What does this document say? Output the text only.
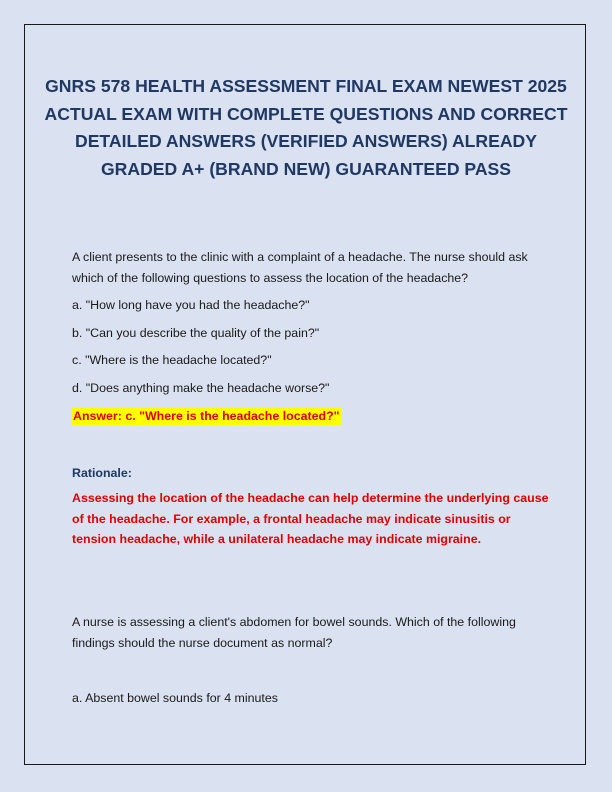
GNRS 578 HEALTH ASSESSMENT FINAL EXAM NEWEST 2025 ACTUAL EXAM WITH COMPLETE QUESTIONS AND CORRECT DETAILED ANSWERS (VERIFIED ANSWERS) ALREADY GRADED A+ (BRAND NEW) GUARANTEED PASS

A client presents to the clinic with a complaint of a headache. The nurse should ask which of the following questions to assess the location of the headache?

a. "How long have you had the headache?"

b. "Can you describe the quality of the pain?"

c. "Where is the headache located?"

d. "Does anything make the headache worse?"

Answer: c. "Where is the headache located?"

Rationale:

Assessing the location of the headache can help determine the underlying cause of the headache. For example, a frontal headache may indicate sinusitis or tension headache, while a unilateral headache may indicate migraine.

A nurse is assessing a client's abdomen for bowel sounds. Which of the following findings should the nurse document as normal?

a. Absent bowel sounds for 4 minutes
